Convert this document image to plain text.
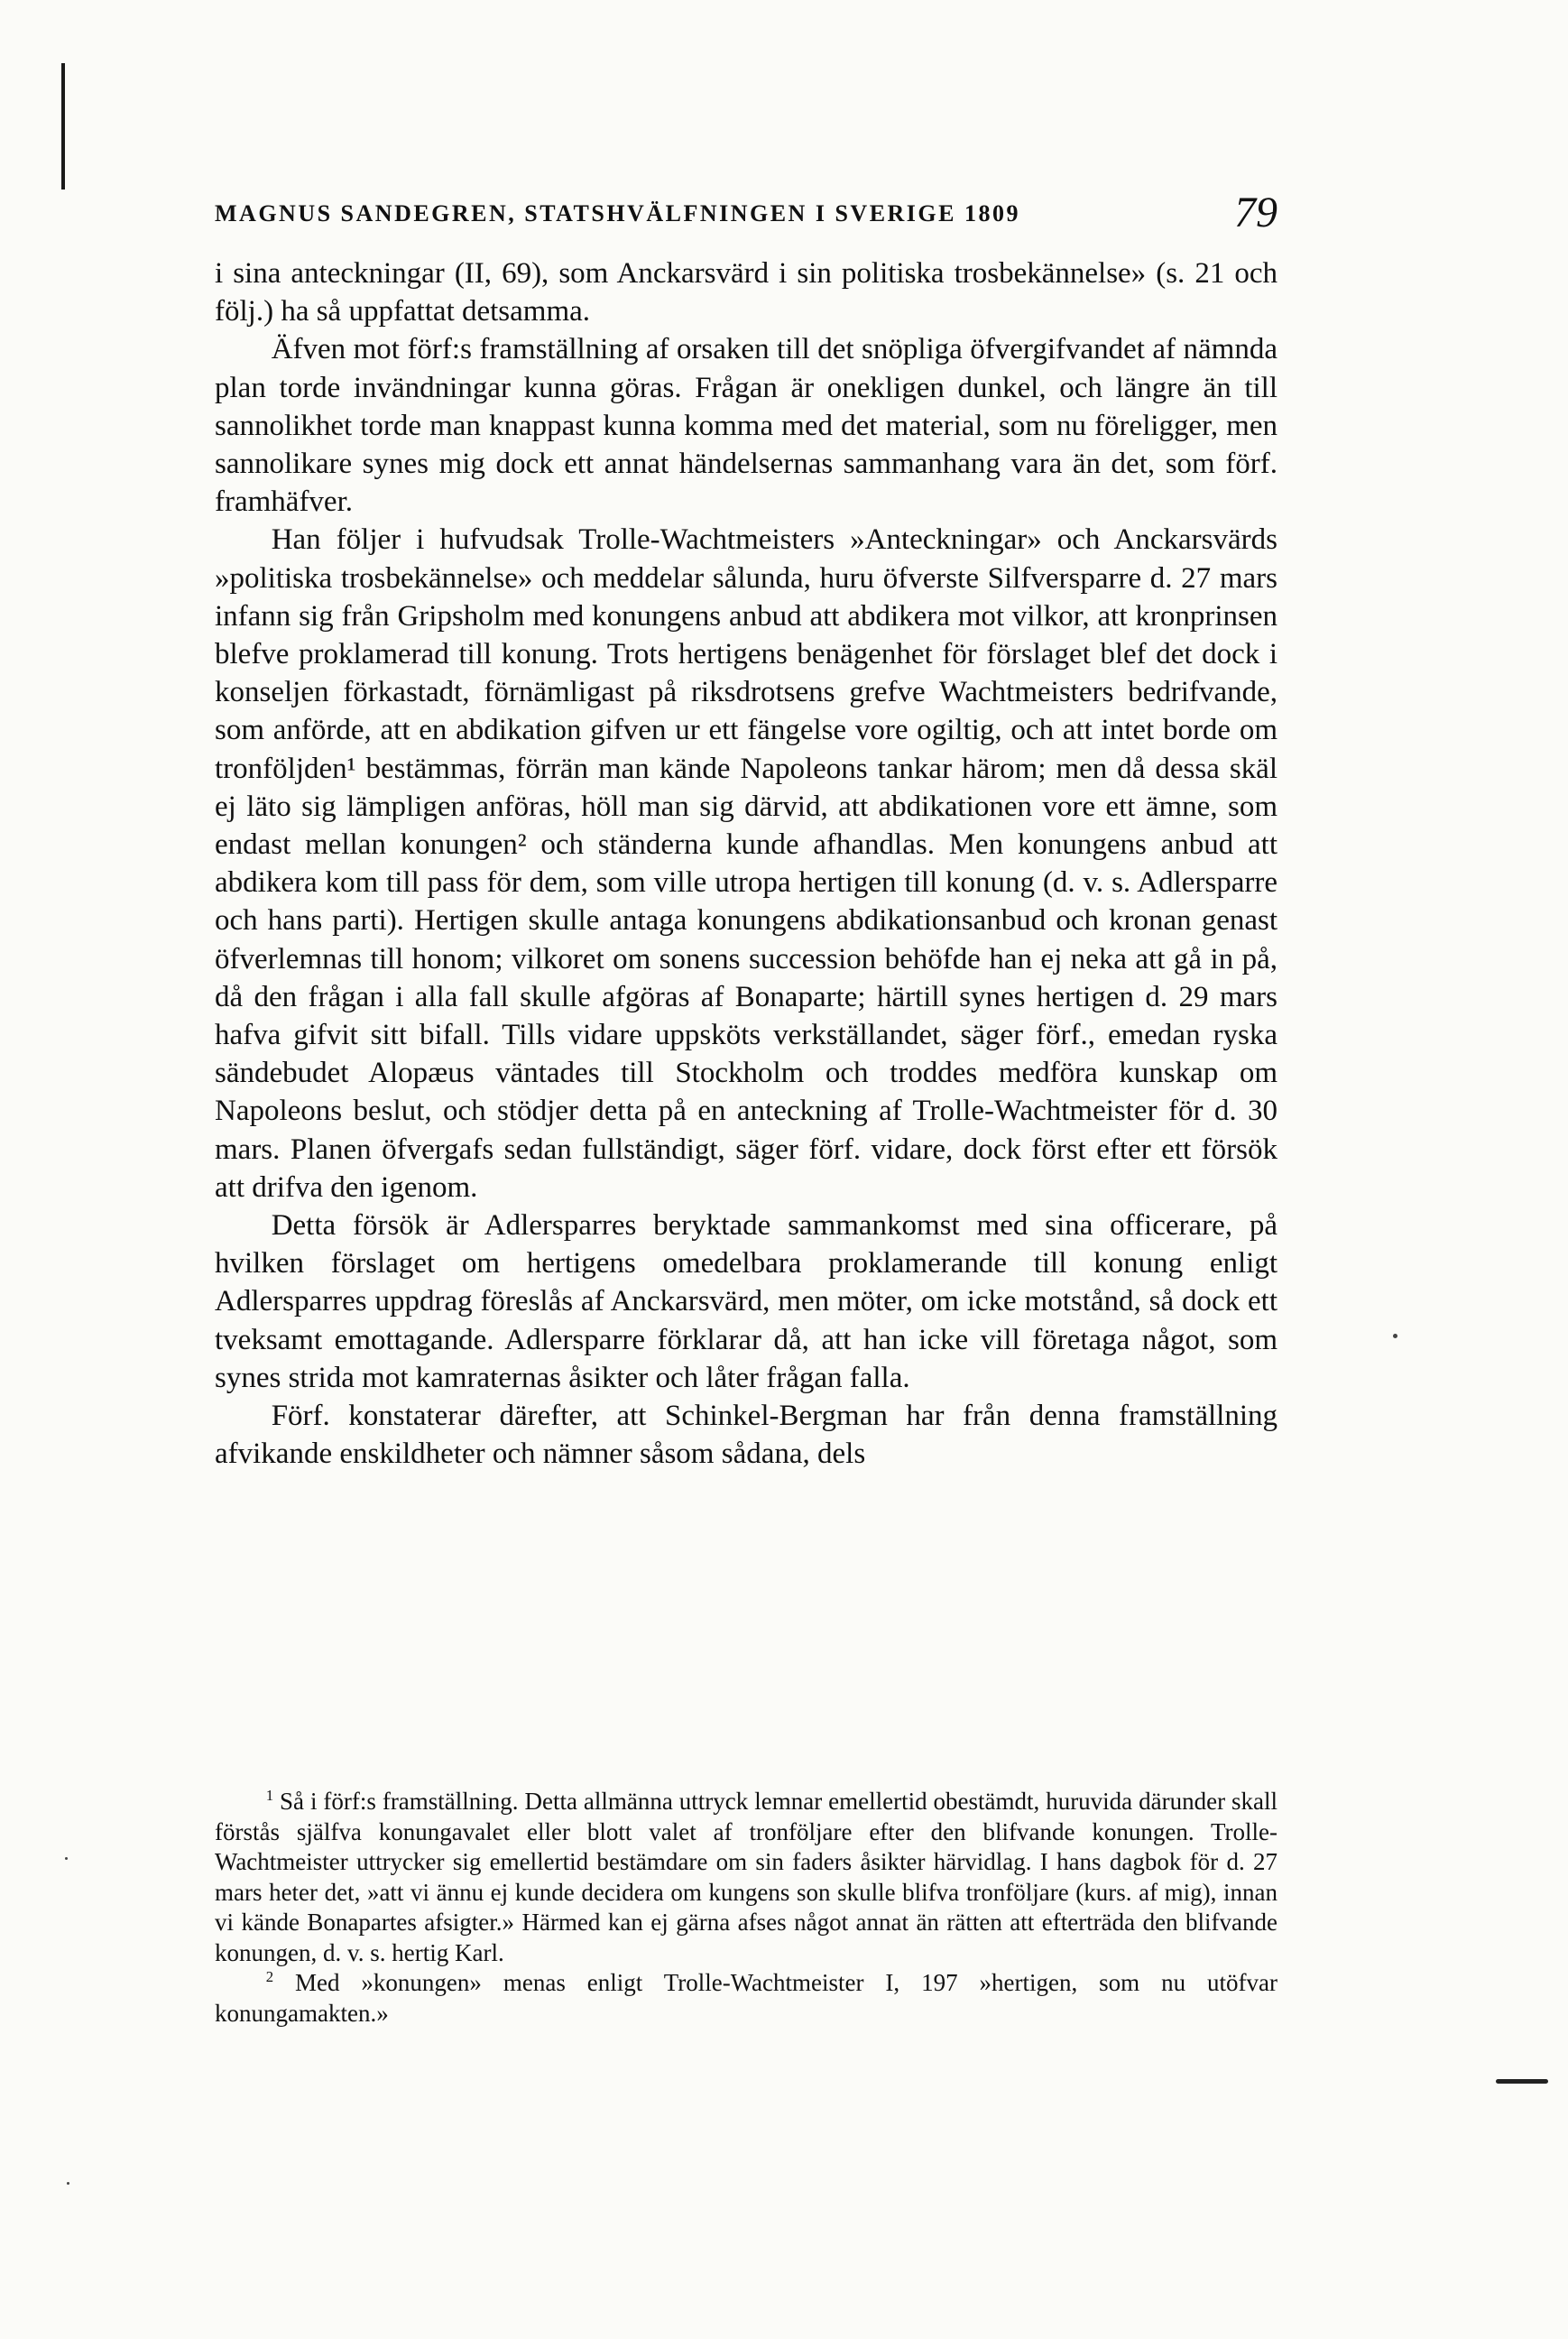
MAGNUS SANDEGREN, STATSHVÄLFNINGEN I SVERIGE 1809	79

i sina anteckningar (II, 69), som Anckarsvärd i sin politiska trosbekännelse» (s. 21 och följ.) ha så uppfattat detsamma.

Äfven mot förf:s framställning af orsaken till det snöpliga öfvergifvandet af nämnda plan torde invändningar kunna göras. Frågan är onekligen dunkel, och längre än till sannolikhet torde man knappast kunna komma med det material, som nu föreligger, men sannolikare synes mig dock ett annat händelsernas sammanhang vara än det, som förf. framhäfver.

Han följer i hufvudsak Trolle-Wachtmeisters »Anteckningar» och Anckarsvärds »politiska trosbekännelse» och meddelar sålunda, huru öfverste Silfversparre d. 27 mars infann sig från Gripsholm med konungens anbud att abdikera mot vilkor, att kronprinsen blefve proklamerad till konung. Trots hertigens benägenhet för förslaget blef det dock i konseljen förkastadt, förnämligast på riksdrotsens grefve Wachtmeisters bedrifvande, som anförde, att en abdikation gifven ur ett fängelse vore ogiltig, och att intet borde om tronföljden¹ bestämmas, förrän man kände Napoleons tankar härom; men då dessa skäl ej läto sig lämpligen anföras, höll man sig därvid, att abdikationen vore ett ämne, som endast mellan konungen² och ständerna kunde afhandlas. Men konungens anbud att abdikera kom till pass för dem, som ville utropa hertigen till konung (d. v. s. Adlersparre och hans parti). Hertigen skulle antaga konungens abdikationsanbud och kronan genast öfverlemnas till honom; vilkoret om sonens succession behöfde han ej neka att gå in på, då den frågan i alla fall skulle afgöras af Bonaparte; härtill synes hertigen d. 29 mars hafva gifvit sitt bifall. Tills vidare uppsköts verkställandet, säger förf., emedan ryska sändebudet Alopæus väntades till Stockholm och troddes medföra kunskap om Napoleons beslut, och stödjer detta på en anteckning af Trolle-Wachtmeister för d. 30 mars. Planen öfvergafs sedan fullständigt, säger förf. vidare, dock först efter ett försök att drifva den igenom.

Detta försök är Adlersparres beryktade sammankomst med sina officerare, på hvilken förslaget om hertigens omedelbara proklamerande till konung enligt Adlersparres uppdrag föreslås af Anckarsvärd, men möter, om icke motstånd, så dock ett tveksamt emottagande. Adlersparre förklarar då, att han icke vill företaga något, som synes strida mot kamraternas åsikter och låter frågan falla.

Förf. konstaterar därefter, att Schinkel-Bergman har från denna framställning afvikande enskildheter och nämner såsom sådana, dels

$^1$ Så i förf:s framställning. Detta allmänna uttryck lemnar emellertid obestämdt, huruvida därunder skall förstås själfva konungavalet eller blott valet af tronföljare efter den blifvande konungen. Trolle-Wachtmeister uttrycker sig emellertid bestämdare om sin faders åsikter härvidlag. I hans dagbok för d. 27 mars heter det, »att vi ännu ej kunde decidera om kungens son skulle blifva tronföljare (kurs. af mig), innan vi kände Bonapartes afsigter.» Härmed kan ej gärna afses något annat än rätten att efterträda den blifvande konungen, d. v. s. hertig Karl.

$^2$ Med »konungen» menas enligt Trolle-Wachtmeister I, 197 »hertigen, som nu utöfvar konungamakten.»
